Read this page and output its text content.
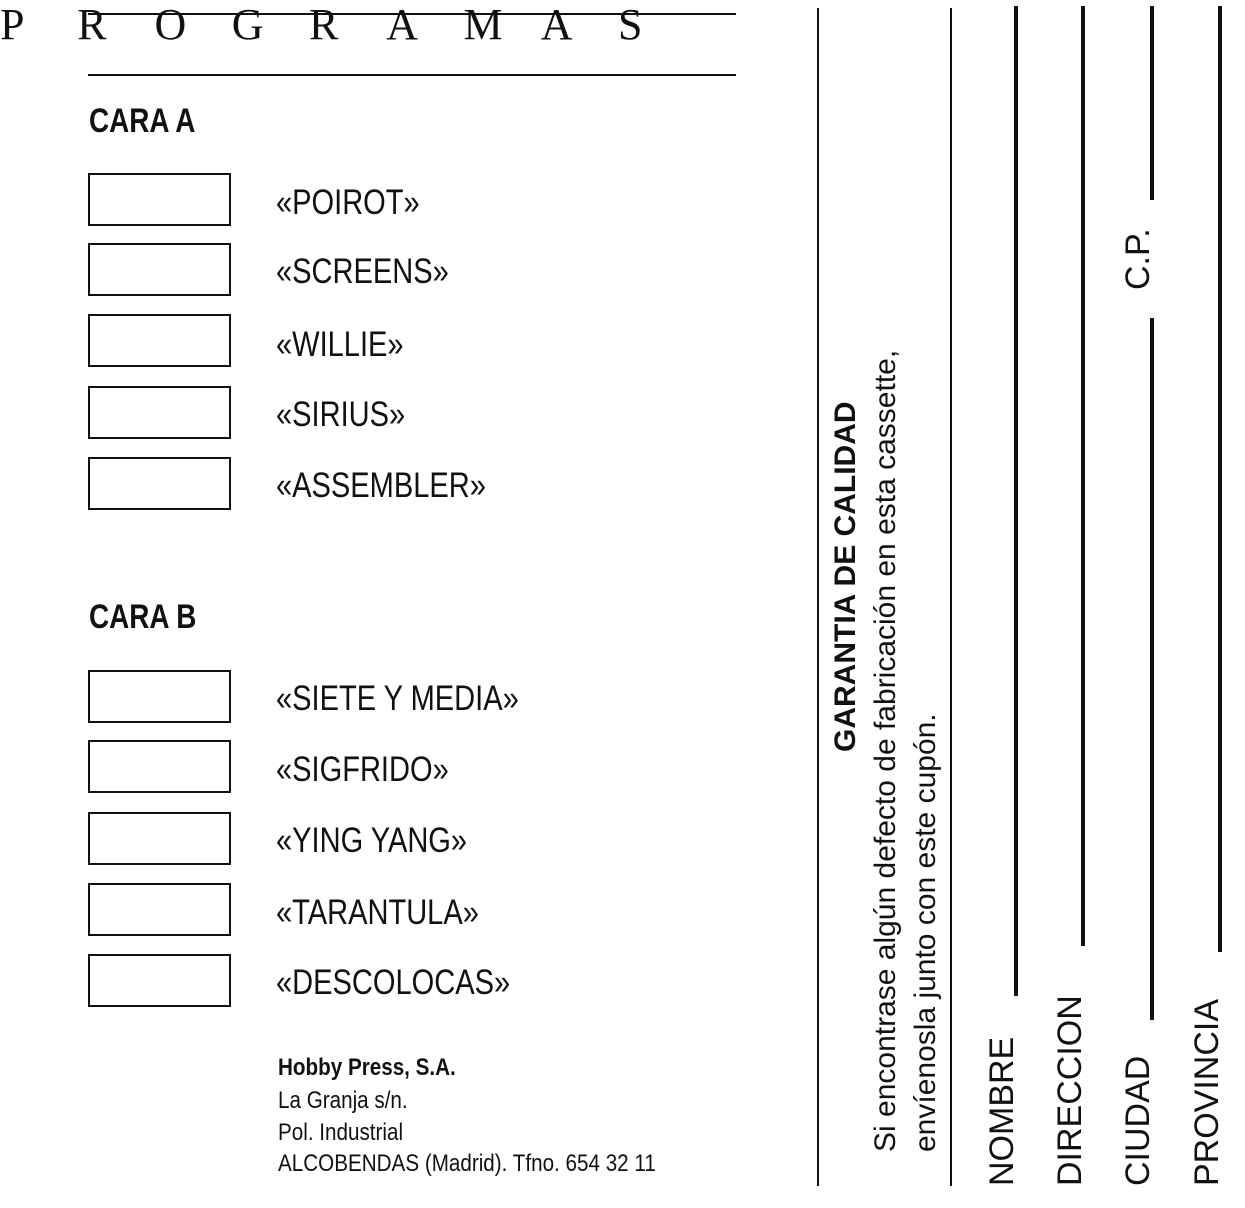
P R O G R A M A S
CARA A
«POIROT»
«SCREENS»
«WILLIE»
«SIRIUS»
«ASSEMBLER»
CARA B
«SIETE Y MEDIA»
«SIGFRIDO»
«YING YANG»
«TARANTULA»
«DESCOLOCAS»
Hobby Press, S.A.
La Granja s/n.
Pol. Industrial
ALCOBENDAS (Madrid). Tfno. 654 32 11
GARANTIA DE CALIDAD Si encontrase algún defecto de fabricación en esta cassette, envíenosla junto con este cupón. NOMBRE DIRECCION CIUDAD
C.P.
PROVINCIA
